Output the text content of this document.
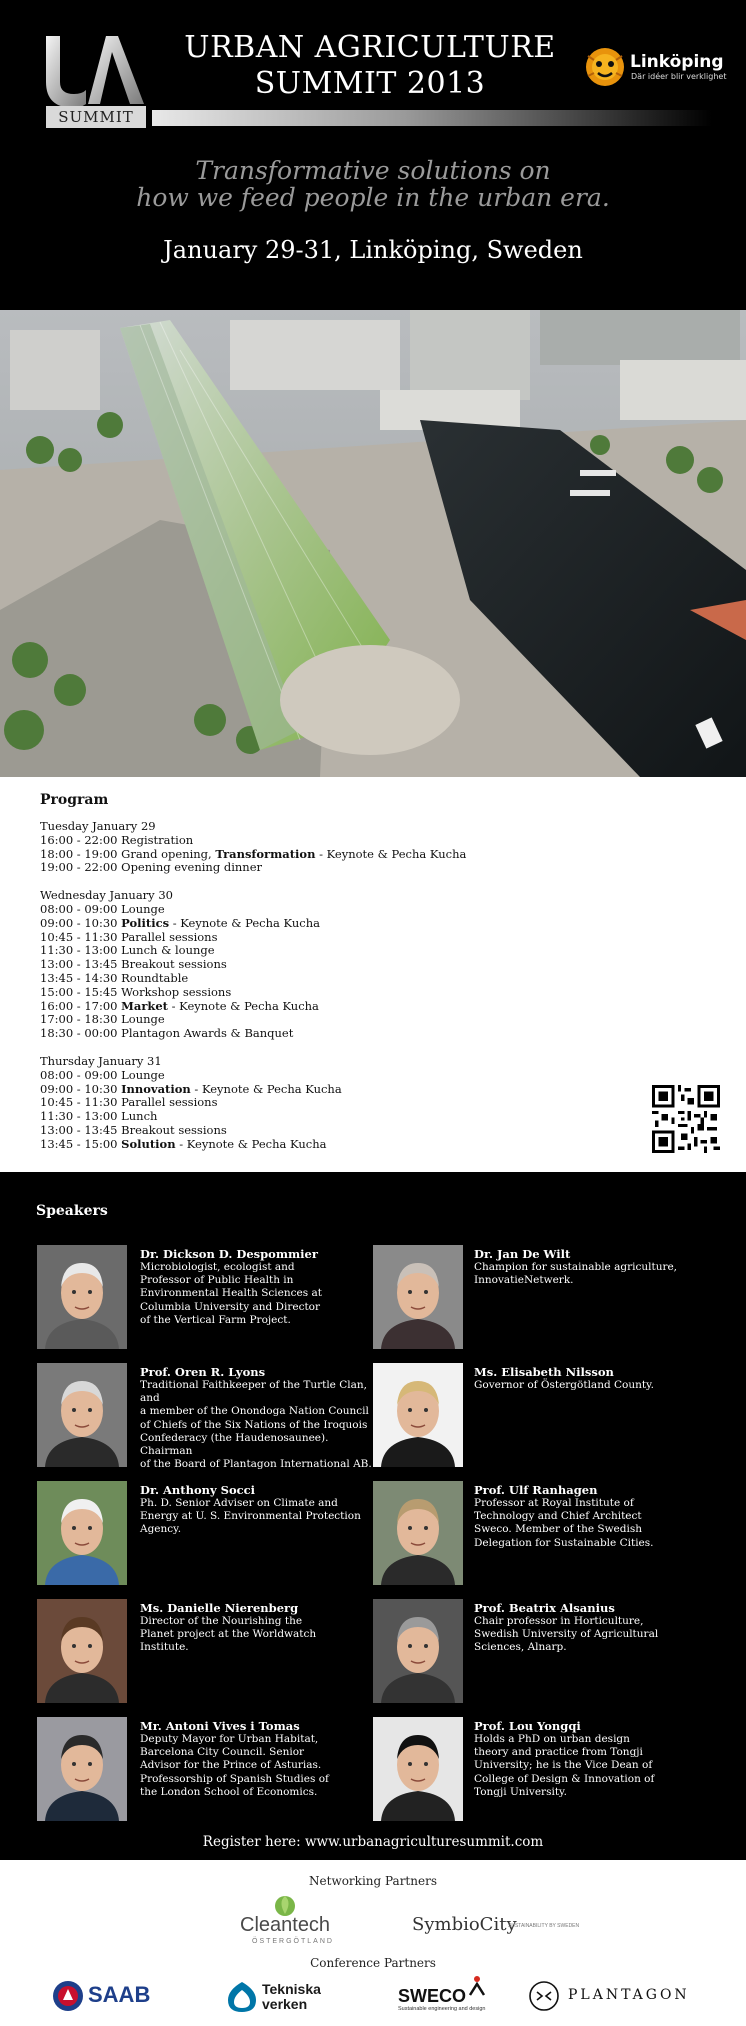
SUMMIT
URBAN AGRICULTURE
SUMMIT 2013
Linköping
Där idéer blir verklighet
Transformative solutions on
how we feed people in the urban era.
January 29-31, Linköping, Sweden
Program
Tuesday January 29
16:00 - 22:00 Registration
18:00 - 19:00 Grand opening, Transformation - Keynote & Pecha Kucha
19:00 - 22:00 Opening evening dinner
Wednesday January 30
08:00 - 09:00 Lounge
09:00 - 10:30 Politics - Keynote & Pecha Kucha
10:45 - 11:30 Parallel sessions
11:30 - 13:00 Lunch & lounge
13:00 - 13:45 Breakout sessions
13:45 - 14:30 Roundtable
15:00 - 15:45 Workshop sessions
16:00 - 17:00 Market - Keynote & Pecha Kucha
17:00 - 18:30 Lounge
18:30 - 00:00 Plantagon Awards & Banquet
Thursday January 31
08:00 - 09:00 Lounge
09:00 - 10:30 Innovation - Keynote & Pecha Kucha
10:45 - 11:30 Parallel sessions
11:30 - 13:00 Lunch
13:00 - 13:45 Breakout sessions
13:45 - 15:00 Solution - Keynote & Pecha Kucha
Speakers
Dr. Dickson D. Despommier
Microbiologist, ecologist and
Professor of Public Health in
Environmental Health Sciences at
Columbia University and Director
of the Vertical Farm Project.
Dr. Jan De Wilt
Champion for sustainable agriculture,
InnovatieNetwerk.
Prof. Oren R. Lyons
Traditional Faithkeeper of the Turtle Clan, and
a member of the Onondoga Nation Council
of Chiefs of the Six Nations of the Iroquois
Confederacy (the Haudenosaunee). Chairman
of the Board of Plantagon International AB.
Ms. Elisabeth Nilsson
Governor of Östergötland County.
Dr. Anthony Socci
Ph. D. Senior Adviser on Climate and
Energy at U. S. Environmental Protection
Agency.
Prof. Ulf Ranhagen
Professor at Royal Institute of
Technology and Chief Architect
Sweco. Member of the Swedish
Delegation for Sustainable Cities.
Ms. Danielle Nierenberg
Director of the Nourishing the
Planet project at the Worldwatch
Institute.
Prof. Beatrix Alsanius
Chair professor in Horticulture,
Swedish University of Agricultural
Sciences, Alnarp.
Mr. Antoni Vives i Tomas
Deputy Mayor for Urban Habitat,
Barcelona City Council. Senior
Advisor for the Prince of Asturias.
Professorship of Spanish Studies of
the London School of Economics.
Prof. Lou Yongqi
Holds a PhD on urban design
theory and practice from Tongji
University; he is the Vice Dean of
College of Design & Innovation of
Tongji University.
Register here: www.urbanagriculturesummit.com
Networking Partners
Cleantech
ÖSTERGÖTLAND
SymbioCity
SUSTAINABILITY BY SWEDEN
Conference Partners
SAAB	Tekniska
verken	SWECO
Sustainable engineering and design
PLANTAGON
